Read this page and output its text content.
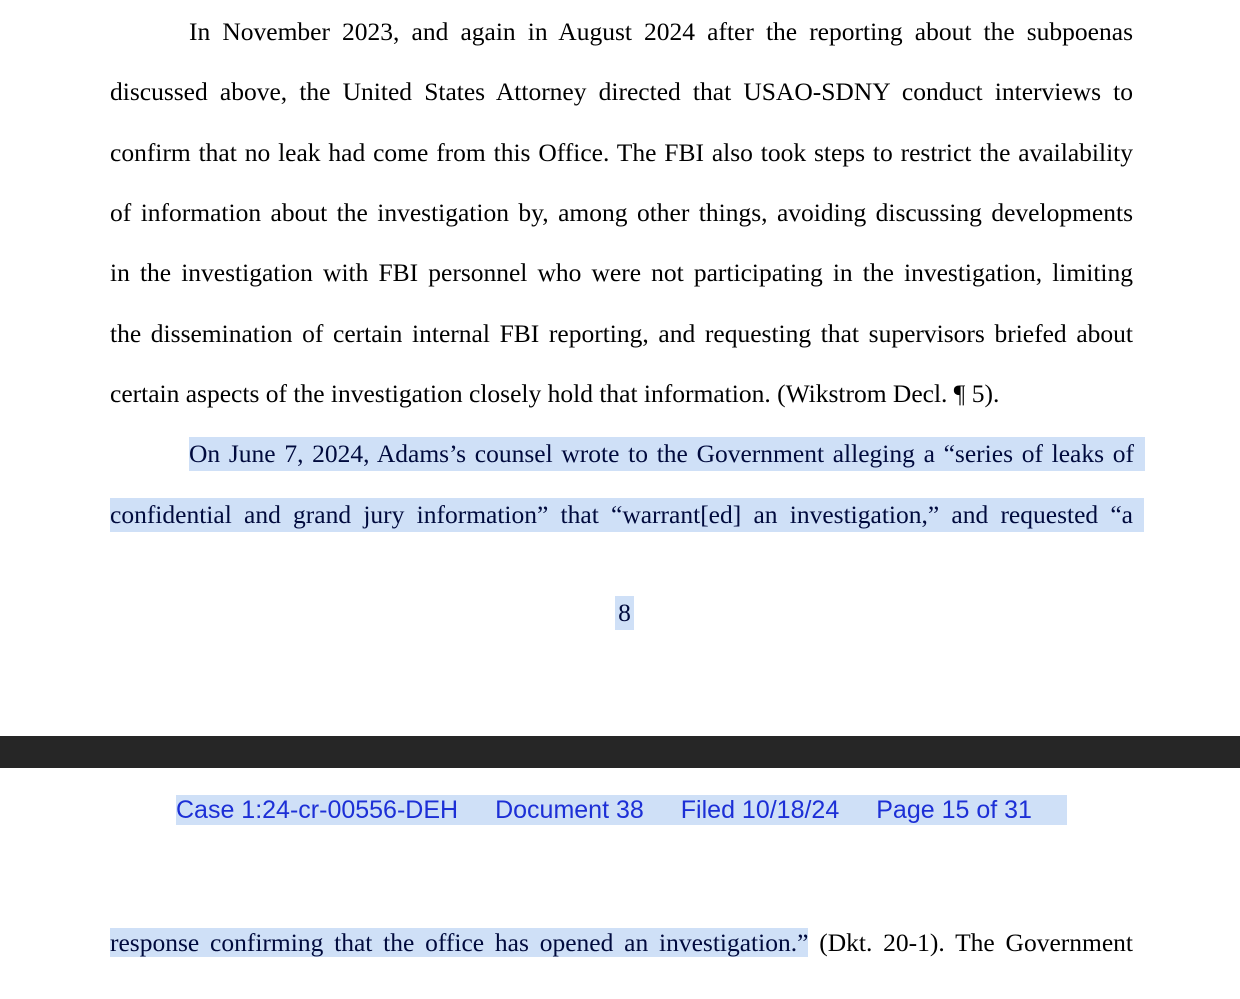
In November 2023, and again in August 2024 after the reporting about the subpoenas
discussed above, the United States Attorney directed that USAO-SDNY conduct interviews to
confirm that no leak had come from this Office. The FBI also took steps to restrict the availability
of information about the investigation by, among other things, avoiding discussing developments
in the investigation with FBI personnel who were not participating in the investigation, limiting
the dissemination of certain internal FBI reporting, and requesting that supervisors briefed about
certain aspects of the investigation closely hold that information. (Wikstrom Decl. ¶ 5).
On June 7, 2024, Adams’s counsel wrote to the Government alleging a “series of leaks of
confidential and grand jury information” that “warrant[ed] an investigation,” and requested “a
8
Case 1:24-cr-00556-DEH Document 38 Filed 10/18/24 Page 15 of 31
response confirming that the office has opened an investigation.” (Dkt. 20-1). The Government
